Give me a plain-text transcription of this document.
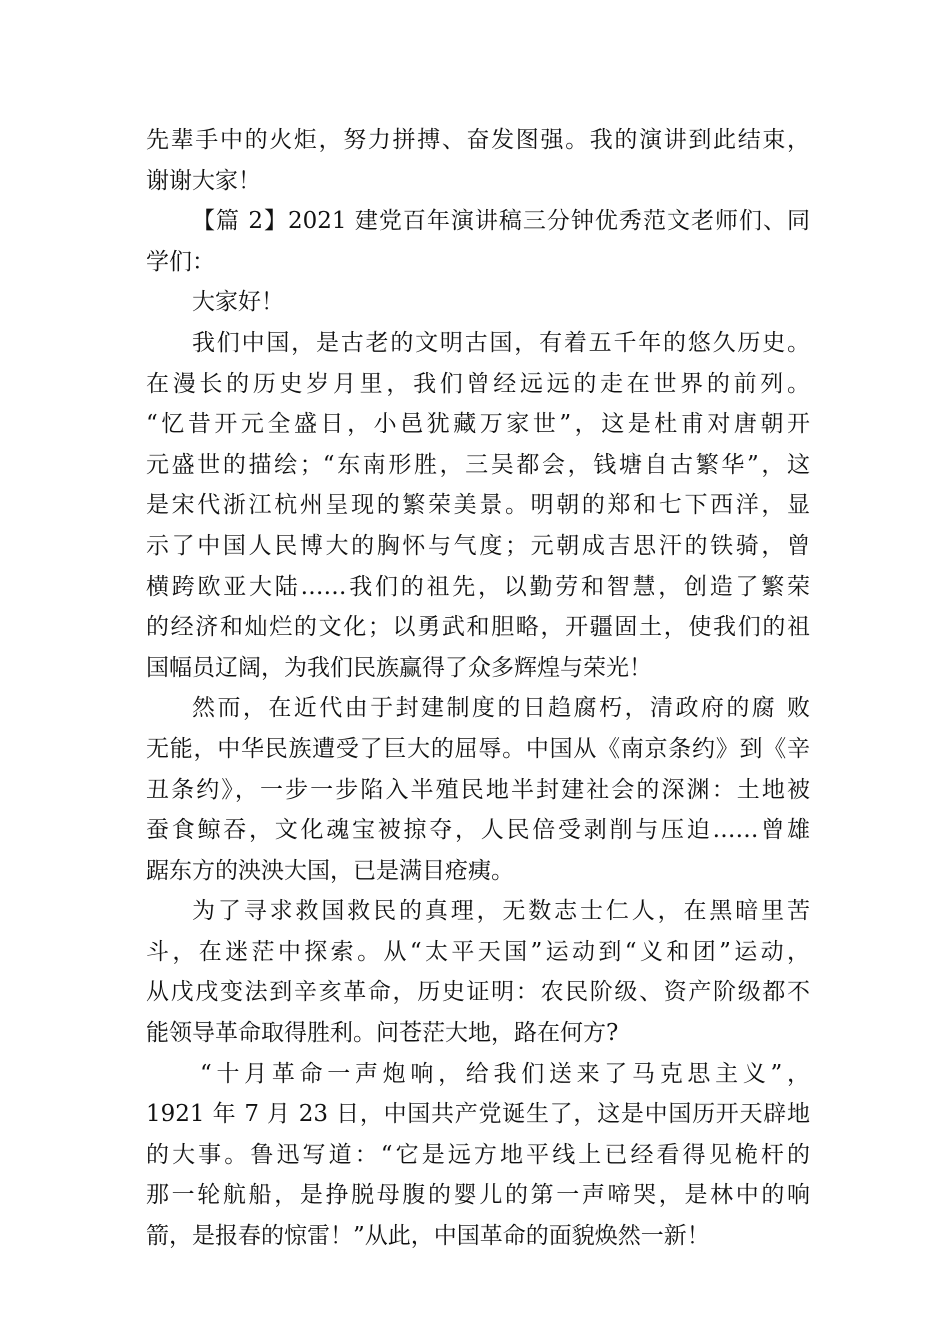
先辈手中的火炬，努力拼搏、奋发图强。我的演讲到此结束，
谢谢大家！

【篇 2】2021 建党百年演讲稿三分钟优秀范文老师们、同
学们：

大家好！

我们中国，是古老的文明古国，有着五千年的悠久历史。
在漫长的历史岁月里，我们曾经远远的走在世界的前列。
“忆昔开元全盛日，小邑犹藏万家世”，这是杜甫对唐朝开
元盛世的描绘；“东南形胜，三吴都会，钱塘自古繁华”，这
是宋代浙江杭州呈现的繁荣美景。明朝的郑和七下西洋，显
示了中国人民博大的胸怀与气度；元朝成吉思汗的铁骑，曾
横跨欧亚大陆……我们的祖先，以勤劳和智慧，创造了繁荣
的经济和灿烂的文化；以勇武和胆略，开疆固土，使我们的祖
国幅员辽阔，为我们民族赢得了众多辉煌与荣光！

然而，在近代由于封建制度的日趋腐朽，清政府的腐 败
无能，中华民族遭受了巨大的屈辱。中国从《南京条约》到《辛
丑条约》，一步一步陷入半殖民地半封建社会的深渊：土地被
蚕食鲸吞，文化魂宝被掠夺，人民倍受剥削与压迫……曾雄
踞东方的泱泱大国，已是满目疮痍。

为了寻求救国救民的真理，无数志士仁人，在黑暗里苦
斗，在迷茫中探索。从“太平天国”运动到“义和团”运动，
从戊戌变法到辛亥革命，历史证明：农民阶级、资产阶级都不
能领导革命取得胜利。问苍茫大地，路在何方?

“十月革命一声炮响，给我们送来了马克思主义”，
1921 年 7 月 23 日，中国共产党诞生了，这是中国历开天辟地
的大事。鲁迅写道：“它是远方地平线上已经看得见桅杆的
那一轮航船，是挣脱母腹的婴儿的第一声啼哭，是林中的响
箭，是报春的惊雷！”从此，中国革命的面貌焕然一新！
